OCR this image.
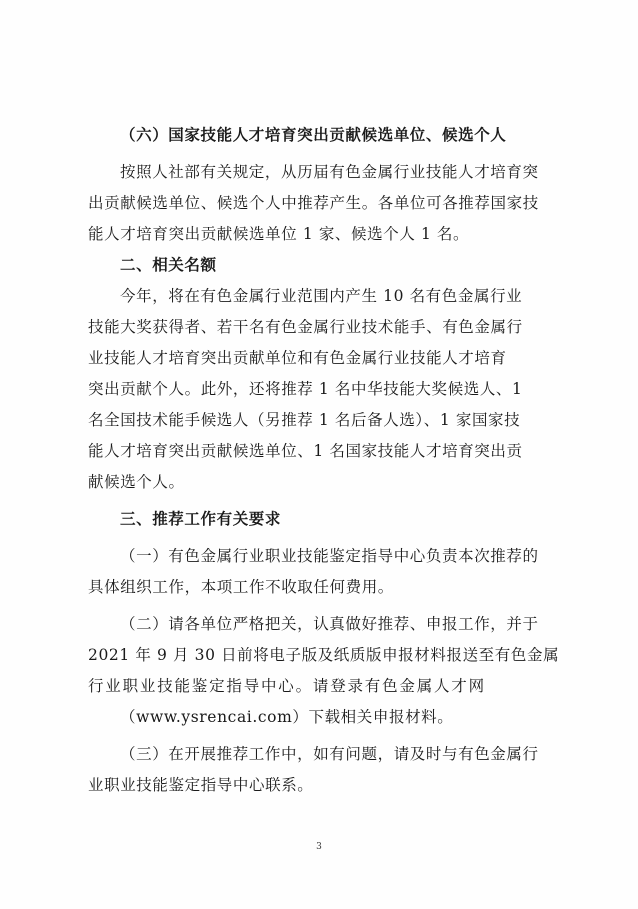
（六）国家技能人才培育突出贡献候选单位、候选个人
按照人社部有关规定，从历届有色金属行业技能人才培育突
出贡献候选单位、候选个人中推荐产生。各单位可各推荐国家技
能人才培育突出贡献候选单位 1 家、候选个人 1 名。
二、相关名额
今年，将在有色金属行业范围内产生 10 名有色金属行业
技能大奖获得者、若干名有色金属行业技术能手、有色金属行
业技能人才培育突出贡献单位和有色金属行业技能人才培育
突出贡献个人。此外，还将推荐 1 名中华技能大奖候选人、1
名全国技术能手候选人（另推荐 1 名后备人选）、1 家国家技
能人才培育突出贡献候选单位、1 名国家技能人才培育突出贡
献候选个人。
三、推荐工作有关要求
（一）有色金属行业职业技能鉴定指导中心负责本次推荐的
具体组织工作，本项工作不收取任何费用。
（二）请各单位严格把关，认真做好推荐、申报工作，并于
2021 年 9 月 30 日前将电子版及纸质版申报材料报送至有色金属
行业职业技能鉴定指导中心。请登录有色金属人才网
（www.ysrencai.com）下载相关申报材料。
（三）在开展推荐工作中，如有问题，请及时与有色金属行
业职业技能鉴定指导中心联系。
3
